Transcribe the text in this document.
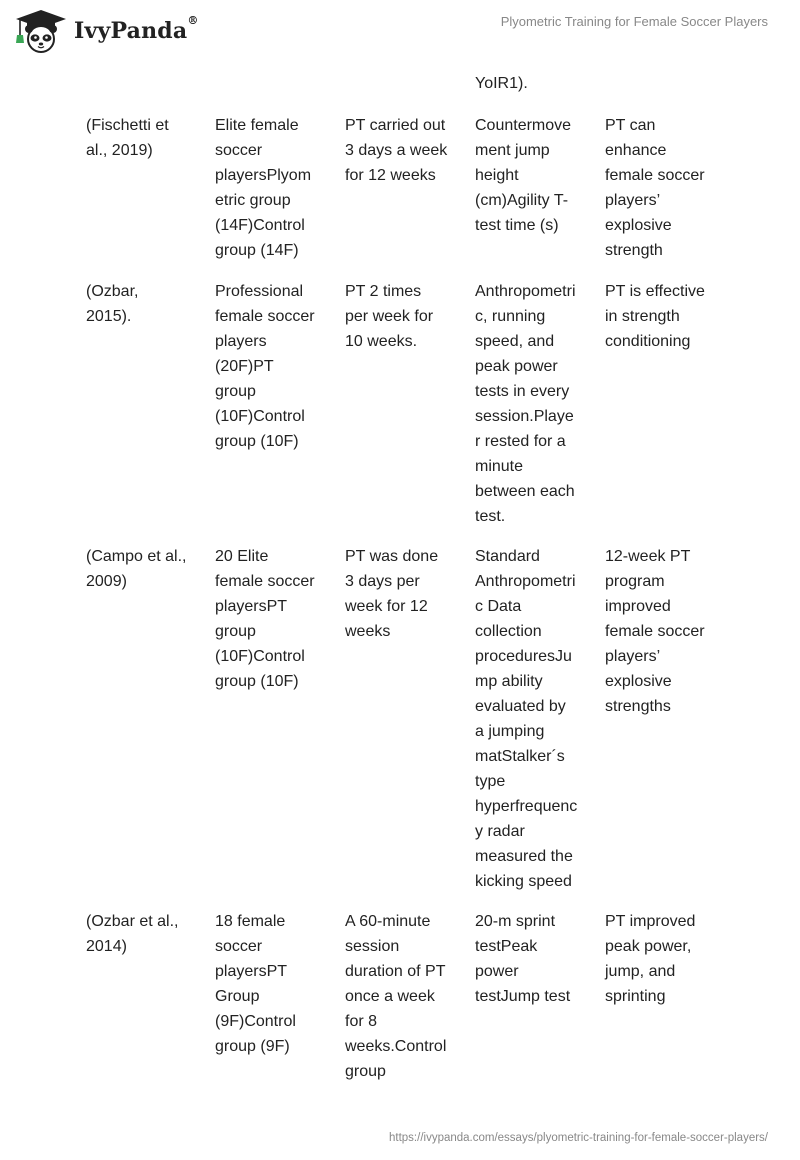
IvyPanda®	Plyometric Training for Female Soccer Players
YoIR1).
(Fischetti et
al., 2019)
Elite female
soccer
playersPlyom
etric group
(14F)Control
group (14F)
PT carried out
3 days a week
for 12 weeks
Countermove
ment jump
height
(cm)Agility T-
test time (s)
PT can
enhance
female soccer
players’
explosive
strength
(Ozbar,
2015).
Professional
female soccer
players
(20F)PT
group
(10F)Control
group (10F)
PT 2 times
per week for
10 weeks.
Anthropometri
c, running
speed, and
peak power
tests in every
session.Playe
r rested for a
minute
between each
test.
PT is effective
in strength
conditioning
(Campo et al.,
2009)
20 Elite
female soccer
playersPT
group
(10F)Control
group (10F)
PT was done
3 days per
week for 12
weeks
Standard
Anthropometri
c Data
collection
proceduresJu
mp ability
evaluated by
a jumping
matStalker´s
type
hyperfrequenc
y radar
measured the
kicking speed
12-week PT
program
improved
female soccer
players’
explosive
strengths
(Ozbar et al.,
2014)
18 female
soccer
playersPT
Group
(9F)Control
group (9F)
A 60-minute
session
duration of PT
once a week
for 8
weeks.Control
group
20-m sprint
testPeak
power
testJump test
PT improved
peak power,
jump, and
sprinting
https://ivypanda.com/essays/plyometric-training-for-female-soccer-players/
